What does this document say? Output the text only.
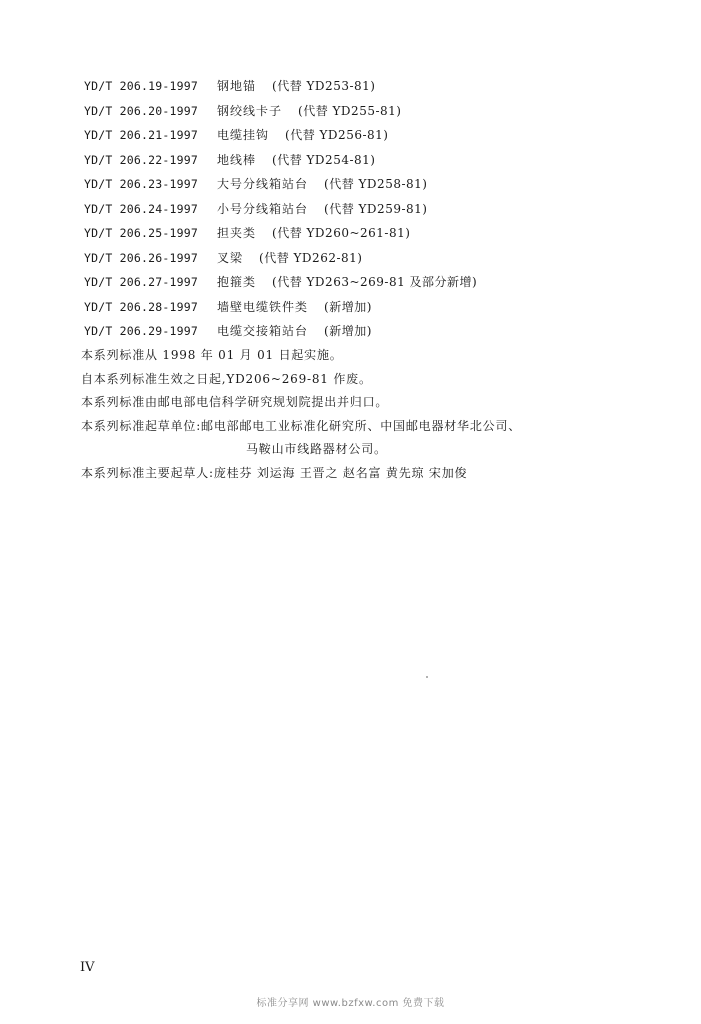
YD/T 206.19-1997	钢地锚 (代替 YD253-81)
YD/T 206.20-1997	钢绞线卡子 (代替 YD255-81)
YD/T 206.21-1997	电缆挂钩 (代替 YD256-81)
YD/T 206.22-1997	地线棒 (代替 YD254-81)
YD/T 206.23-1997	大号分线箱站台 (代替 YD258-81)
YD/T 206.24-1997	小号分线箱站台 (代替 YD259-81)
YD/T 206.25-1997	担夹类 (代替 YD260~261-81)
YD/T 206.26-1997	叉梁 (代替 YD262-81)
YD/T 206.27-1997	抱箍类 (代替 YD263~269-81 及部分新增)
YD/T 206.28-1997	墙壁电缆铁件类 (新增加)
YD/T 206.29-1997	电缆交接箱站台 (新增加)
本系列标准从 1998 年 01 月 01 日起实施。
自本系列标准生效之日起,YD206~269-81 作废。
本系列标准由邮电部电信科学研究规划院提出并归口。
本系列标准起草单位:邮电部邮电工业标准化研究所、中国邮电器材华北公司、
马鞍山市线路器材公司。
本系列标准主要起草人:庞桂芬 刘运海 王晋之 赵名富 黄先琼 宋加俊
IV
标准分享网 www.bzfxw.com 免费下载
